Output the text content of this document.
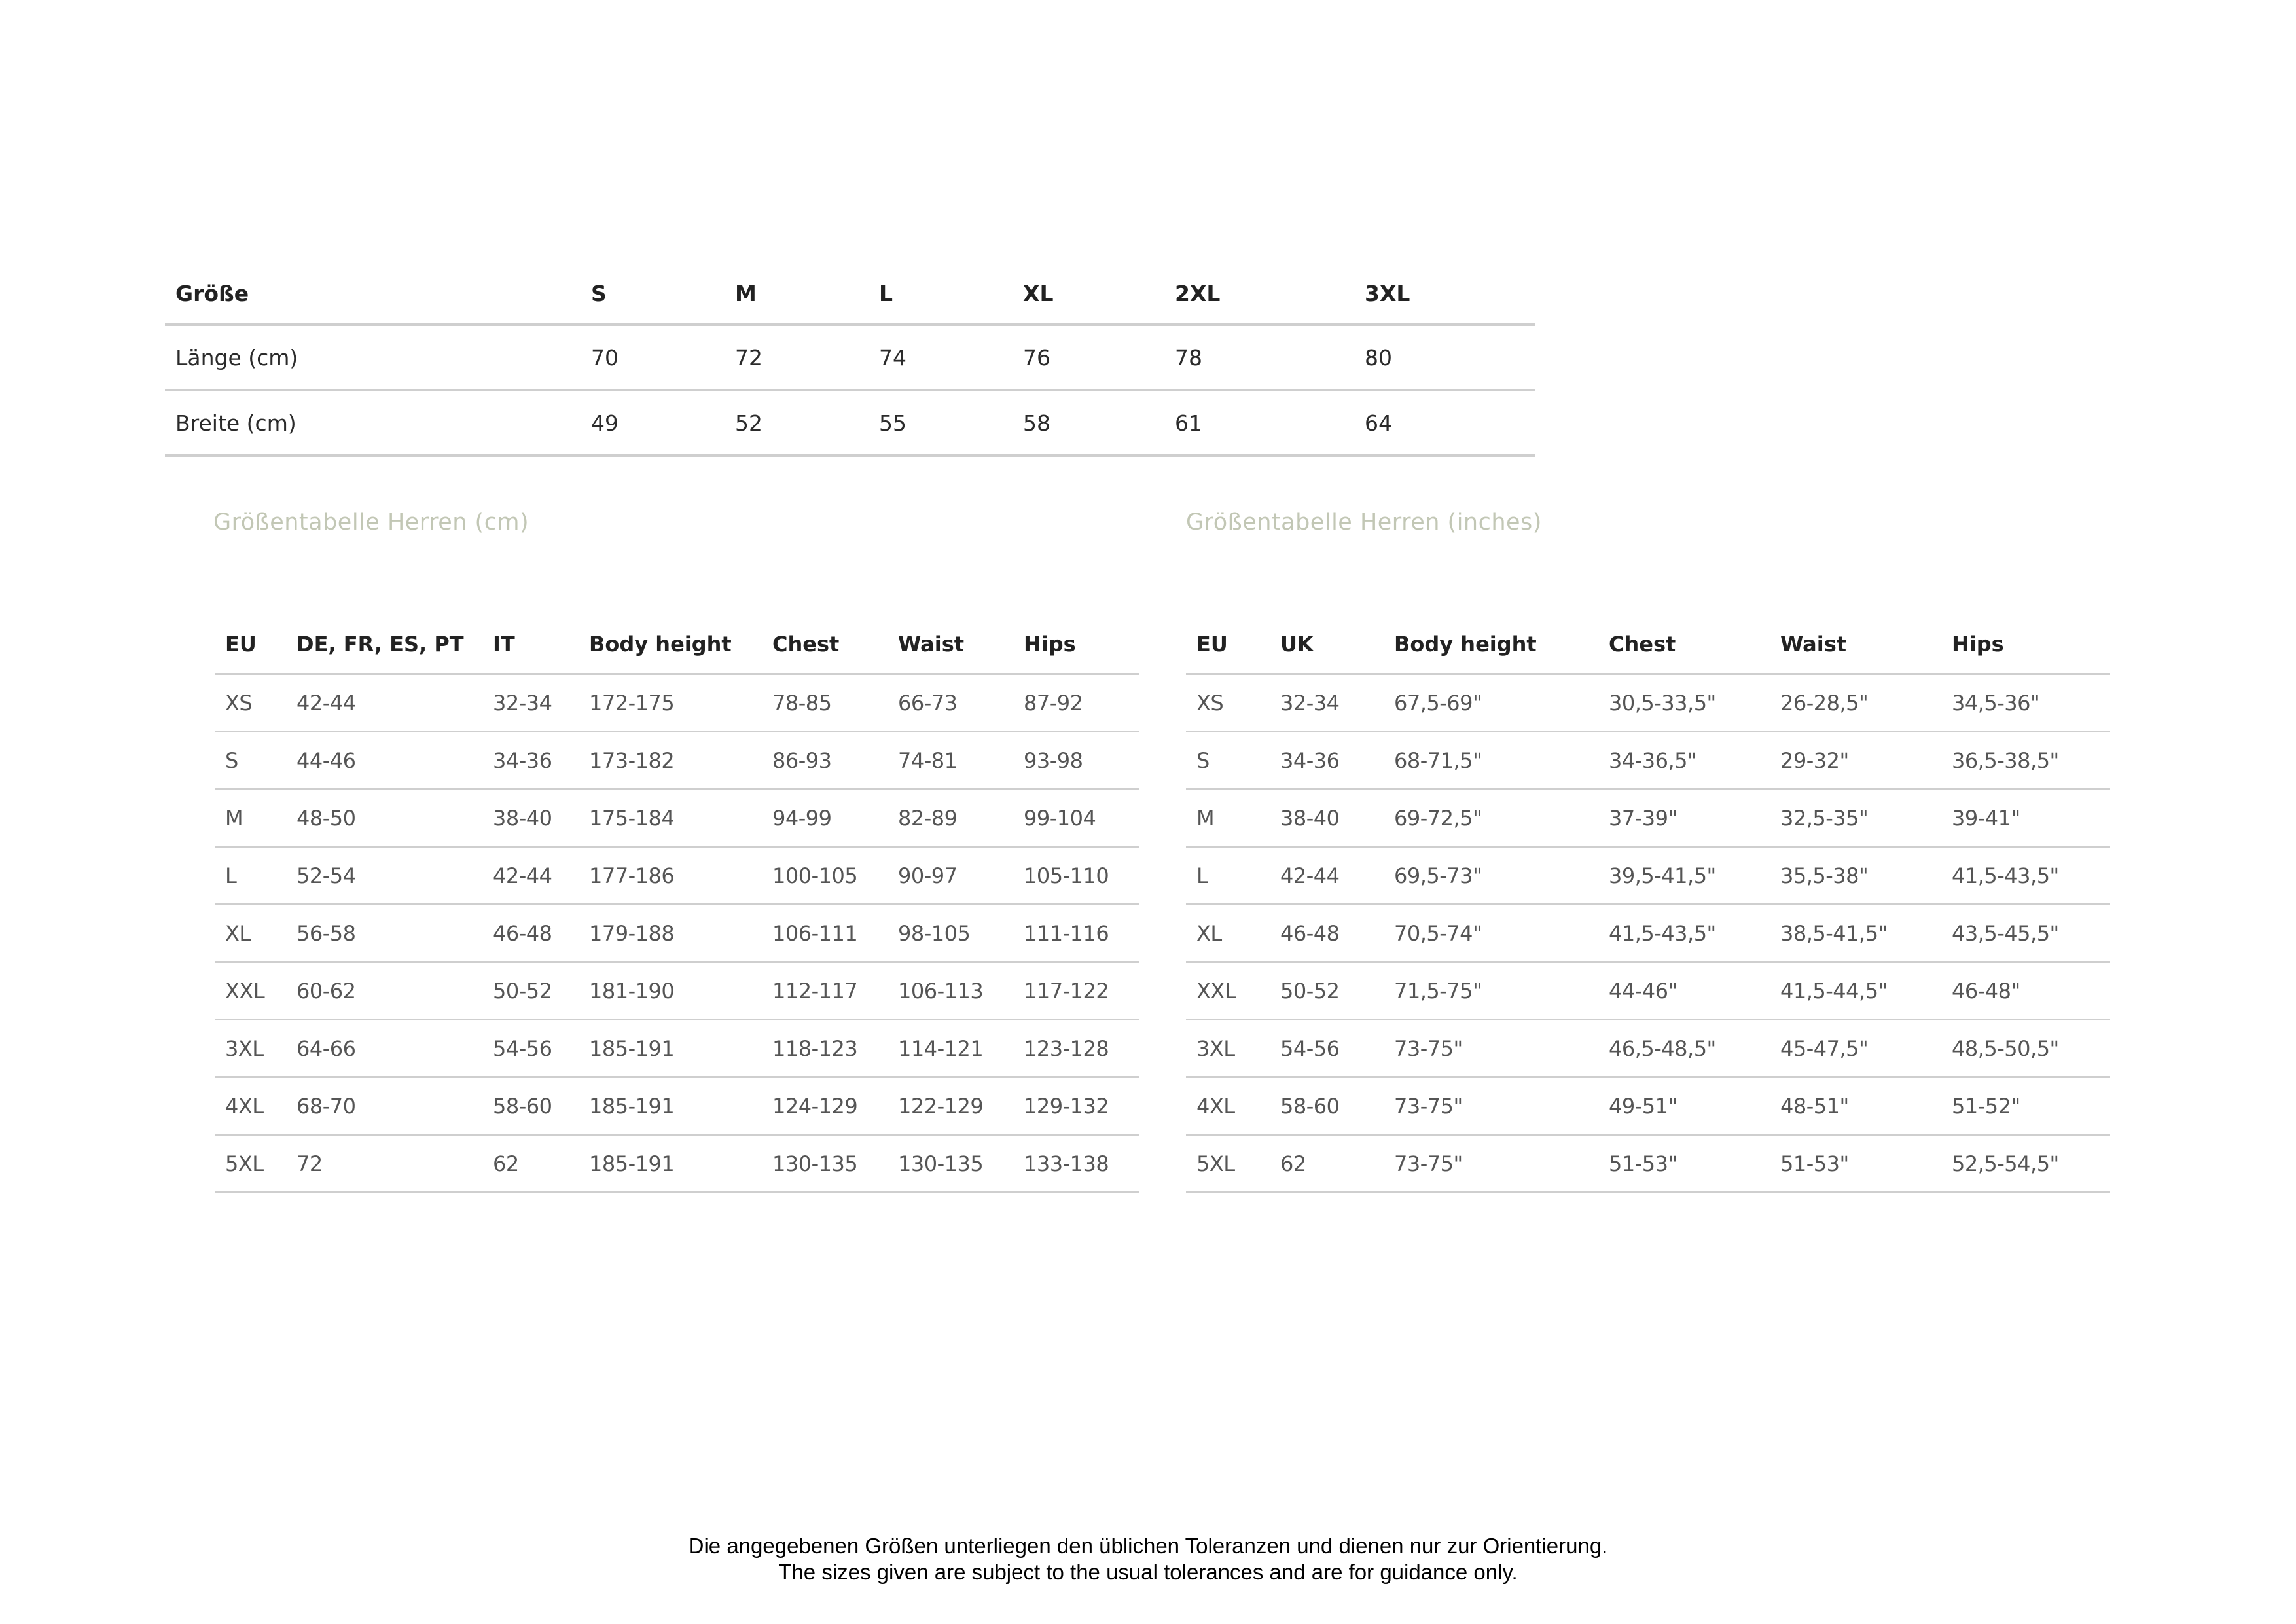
Größe	S	M	L	XL	2XL	3XL
Länge (cm)	70	72	74	76	78	80
Breite (cm)	49	52	55	58	61	64
Größentabelle Herren (cm)	Größentabelle Herren (inches)
EU	DE, FR, ES, PT	IT	Body height	Chest	Waist	Hips
XS	42-44	32-34	172-175	78-85	66-73	87-92
S	44-46	34-36	173-182	86-93	74-81	93-98
M	48-50	38-40	175-184	94-99	82-89	99-104
L	52-54	42-44	177-186	100-105	90-97	105-110
XL	56-58	46-48	179-188	106-111	98-105	111-116
XXL	60-62	50-52	181-190	112-117	106-113	117-122
3XL	64-66	54-56	185-191	118-123	114-121	123-128
4XL	68-70	58-60	185-191	124-129	122-129	129-132
5XL	72	62	185-191	130-135	130-135	133-138
EU	UK	Body height	Chest	Waist	Hips
XS	32-34	67,5-69"	30,5-33,5"	26-28,5"	34,5-36"
S	34-36	68-71,5"	34-36,5"	29-32"	36,5-38,5"
M	38-40	69-72,5"	37-39"	32,5-35"	39-41"
L	42-44	69,5-73"	39,5-41,5"	35,5-38"	41,5-43,5"
XL	46-48	70,5-74"	41,5-43,5"	38,5-41,5"	43,5-45,5"
XXL	50-52	71,5-75"	44-46"	41,5-44,5"	46-48"
3XL	54-56	73-75"	46,5-48,5"	45-47,5"	48,5-50,5"
4XL	58-60	73-75"	49-51"	48-51"	51-52"
5XL	62	73-75"	51-53"	51-53"	52,5-54,5"

Die angegebenen Größen unterliegen den üblichen Toleranzen und dienen nur zur Orientierung.

The sizes given are subject to the usual tolerances and are for guidance only.
